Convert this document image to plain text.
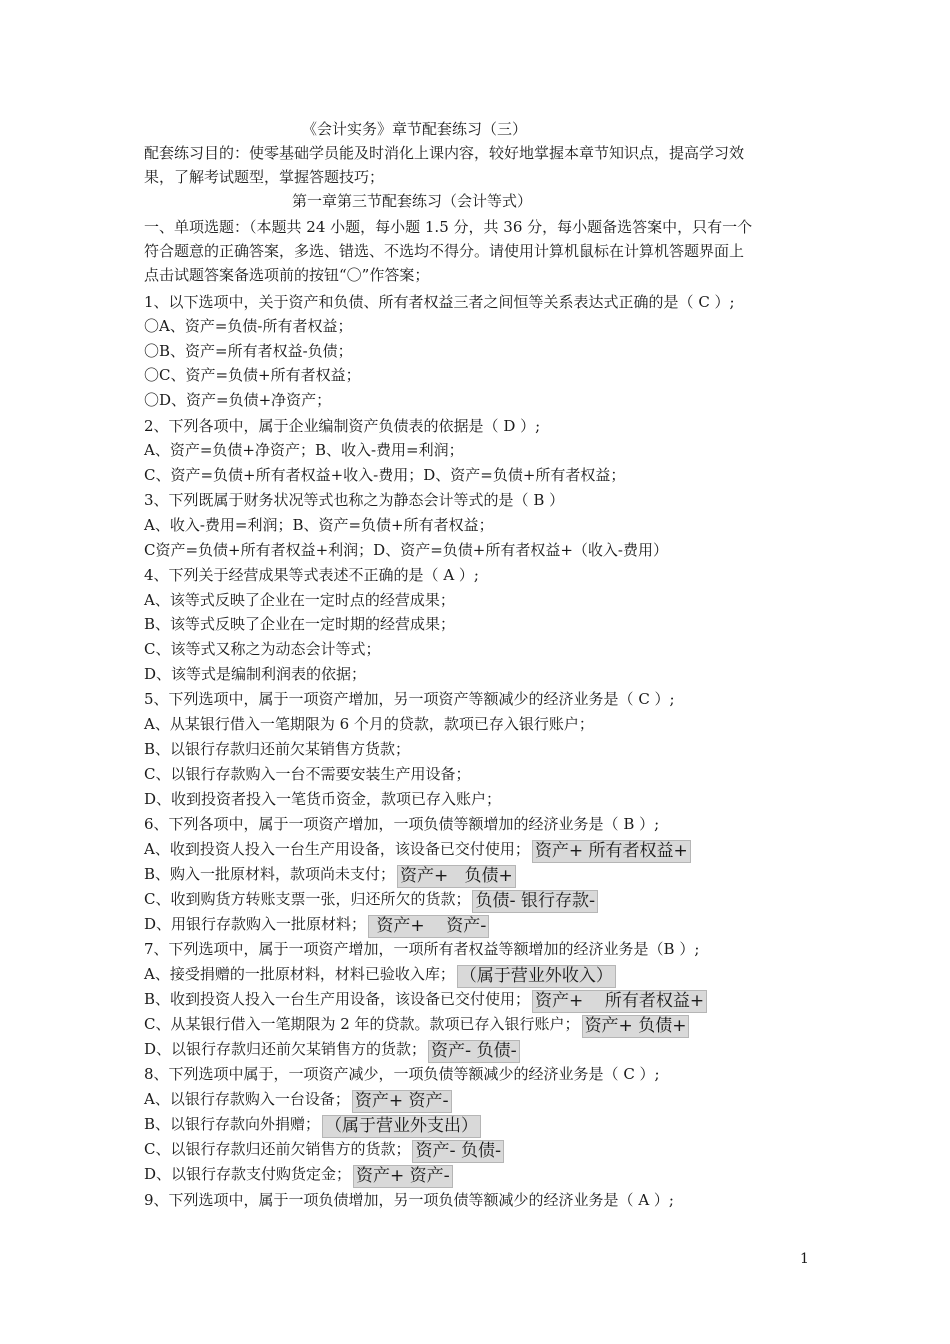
《会计实务》章节配套练习（三）
配套练习目的：使零基础学员能及时消化上课内容，较好地掌握本章节知识点，提高学习效
果，了解考试题型，掌握答题技巧；
第一章第三节配套练习（会计等式）
一、单项选题：（本题共 24 小题，每小题 1.5 分，共 36 分，每小题备选答案中，只有一个
符合题意的正确答案，多选、错选、不选均不得分。请使用计算机鼠标在计算机答题界面上
点击试题答案备选项前的按钮“〇”作答案；
1、以下选项中，关于资产和负债、所有者权益三者之间恒等关系表达式正确的是（ C ）;
〇A、资产=负债-所有者权益；
〇B、资产=所有者权益-负债；
〇C、资产=负债+所有者权益；
〇D、资产=负债+净资产；
2、下列各项中，属于企业编制资产负债表的依据是（ D ）;
A、资产=负债+净资产；B、收入-费用=利润；
C、资产=负债+所有者权益+收入-费用；D、资产=负债+所有者权益；
3、下列既属于财务状况等式也称之为静态会计等式的是（ B ）
A、收入-费用=利润；B、资产=负债+所有者权益；
C资产=负债+所有者权益+利润；D、资产=负债+所有者权益+（收入-费用）
4、下列关于经营成果等式表述不正确的是（ A ）;
A、该等式反映了企业在一定时点的经营成果；
B、该等式反映了企业在一定时期的经营成果；
C、该等式又称之为动态会计等式；
D、该等式是编制利润表的依据；
5、下列选项中，属于一项资产增加，另一项资产等额减少的经济业务是（ C ）;
A、从某银行借入一笔期限为 6 个月的贷款，款项已存入银行账户；
B、以银行存款归还前欠某销售方货款；
C、以银行存款购入一台不需要安装生产用设备；
D、收到投资者投入一笔货币资金，款项已存入账户；
6、下列各项中，属于一项资产增加，一项负债等额增加的经济业务是（ B ）;
A、收到投资人投入一台生产用设备，该设备已交付使用； 资产+ 所有者权益+
B、购入一批原材料，款项尚未支付； 资产+   负债+
C、收到购货方转账支票一张，归还所欠的货款； 负债- 银行存款-
D、用银行存款购入一批原材料； 资产+    资产-
7、下列选项中，属于一项资产增加，一项所有者权益等额增加的经济业务是（B ）;
A、接受捐赠的一批原材料，材料已验收入库； （属于营业外收入）
B、收到投资人投入一台生产用设备，该设备已交付使用； 资产+    所有者权益+
C、从某银行借入一笔期限为 2 年的贷款。款项已存入银行账户； 资产+ 负债+
D、以银行存款归还前欠某销售方的货款； 资产- 负债-
8、下列选项中属于，一项资产减少，一项负债等额减少的经济业务是（ C ）;
A、以银行存款购入一台设备； 资产+ 资产-
B、以银行存款向外捐赠； （属于营业外支出）
C、以银行存款归还前欠销售方的货款； 资产- 负债-
D、以银行存款支付购货定金； 资产+ 资产-
9、下列选项中，属于一项负债增加，另一项负债等额减少的经济业务是（ A ）;
1
